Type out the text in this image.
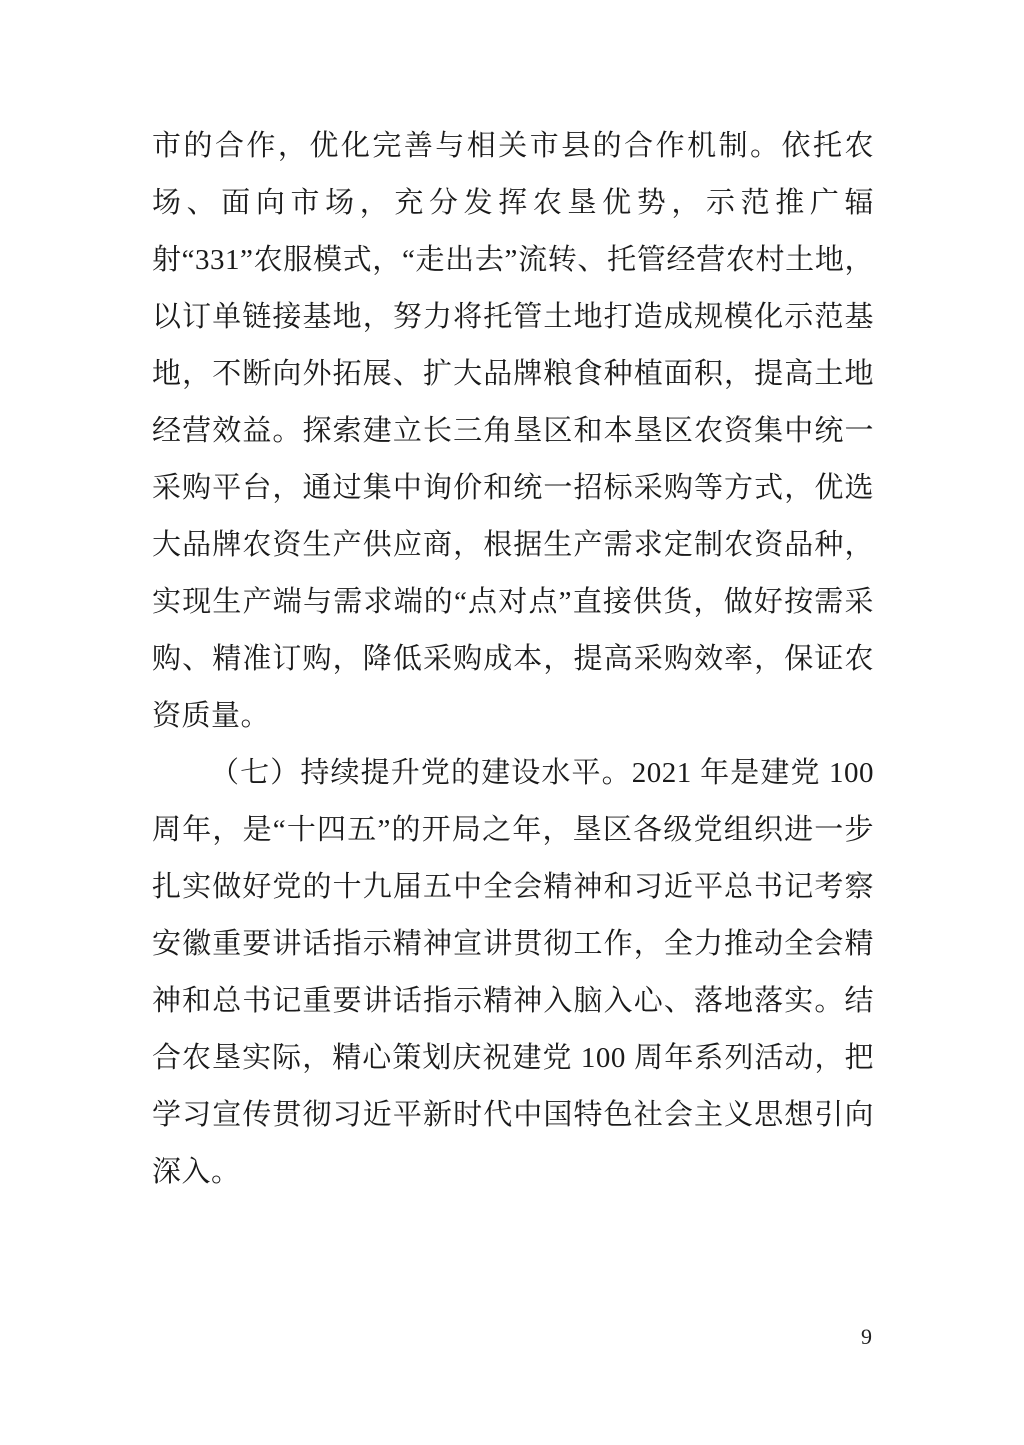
市的合作，优化完善与相关市县的合作机制。依托农场、面向市场，充分发挥农垦优势，示范推广辐射“331”农服模式，“走出去”流转、托管经营农村土地，以订单链接基地，努力将托管土地打造成规模化示范基地，不断向外拓展、扩大品牌粮食种植面积，提高土地经营效益。探索建立长三角垦区和本垦区农资集中统一采购平台，通过集中询价和统一招标采购等方式，优选大品牌农资生产供应商，根据生产需求定制农资品种，实现生产端与需求端的“点对点”直接供货，做好按需采购、精准订购，降低采购成本，提高采购效率，保证农资质量。

（七）持续提升党的建设水平。2021 年是建党 100 周年，是“十四五”的开局之年，垦区各级党组织进一步扎实做好党的十九届五中全会精神和习近平总书记考察安徽重要讲话指示精神宣讲贯彻工作，全力推动全会精神和总书记重要讲话指示精神入脑入心、落地落实。结合农垦实际，精心策划庆祝建党 100 周年系列活动，把学习宣传贯彻习近平新时代中国特色社会主义思想引向深入。

9
